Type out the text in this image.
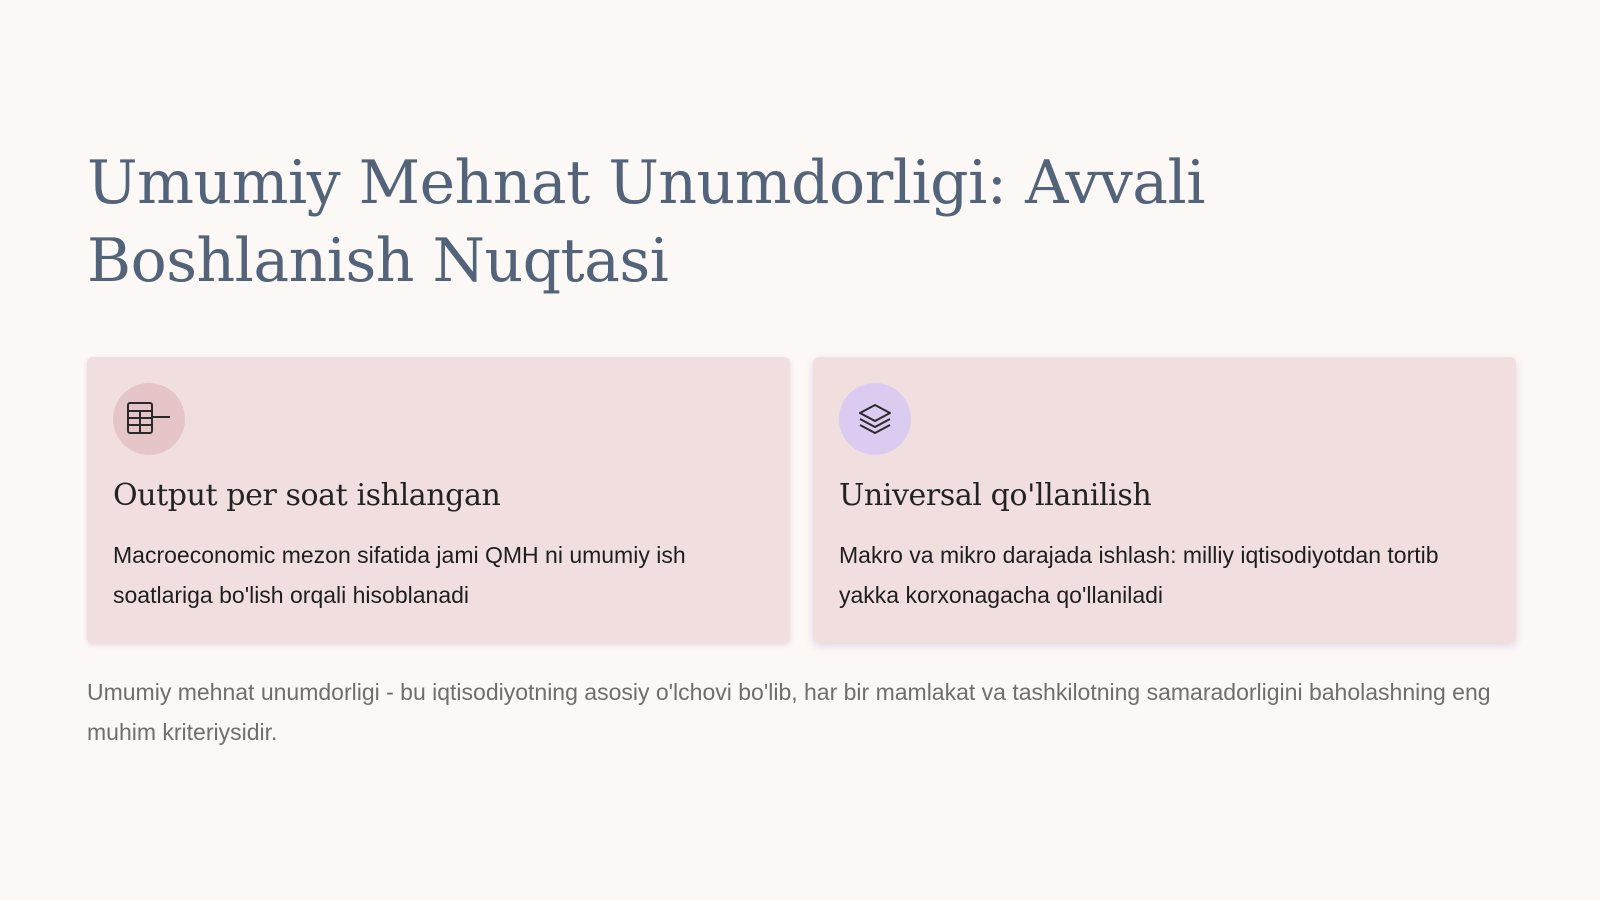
Umumiy Mehnat Unumdorligi: Avvali Boshlanish Nuqtasi
Output per soat ishlangan
Macroeconomic mezon sifatida jami QMH ni umumiy ish soatlariga bo'lish orqali hisoblanadi
Universal qo'llanilish
Makro va mikro darajada ishlash: milliy iqtisodiyotdan tortib yakka korxonagacha qo'llaniladi

Umumiy mehnat unumdorligi - bu iqtisodiyotning asosiy o'lchovi bo'lib, har bir mamlakat va tashkilotning samaradorligini baholashning eng muhim kriteriysidir.
